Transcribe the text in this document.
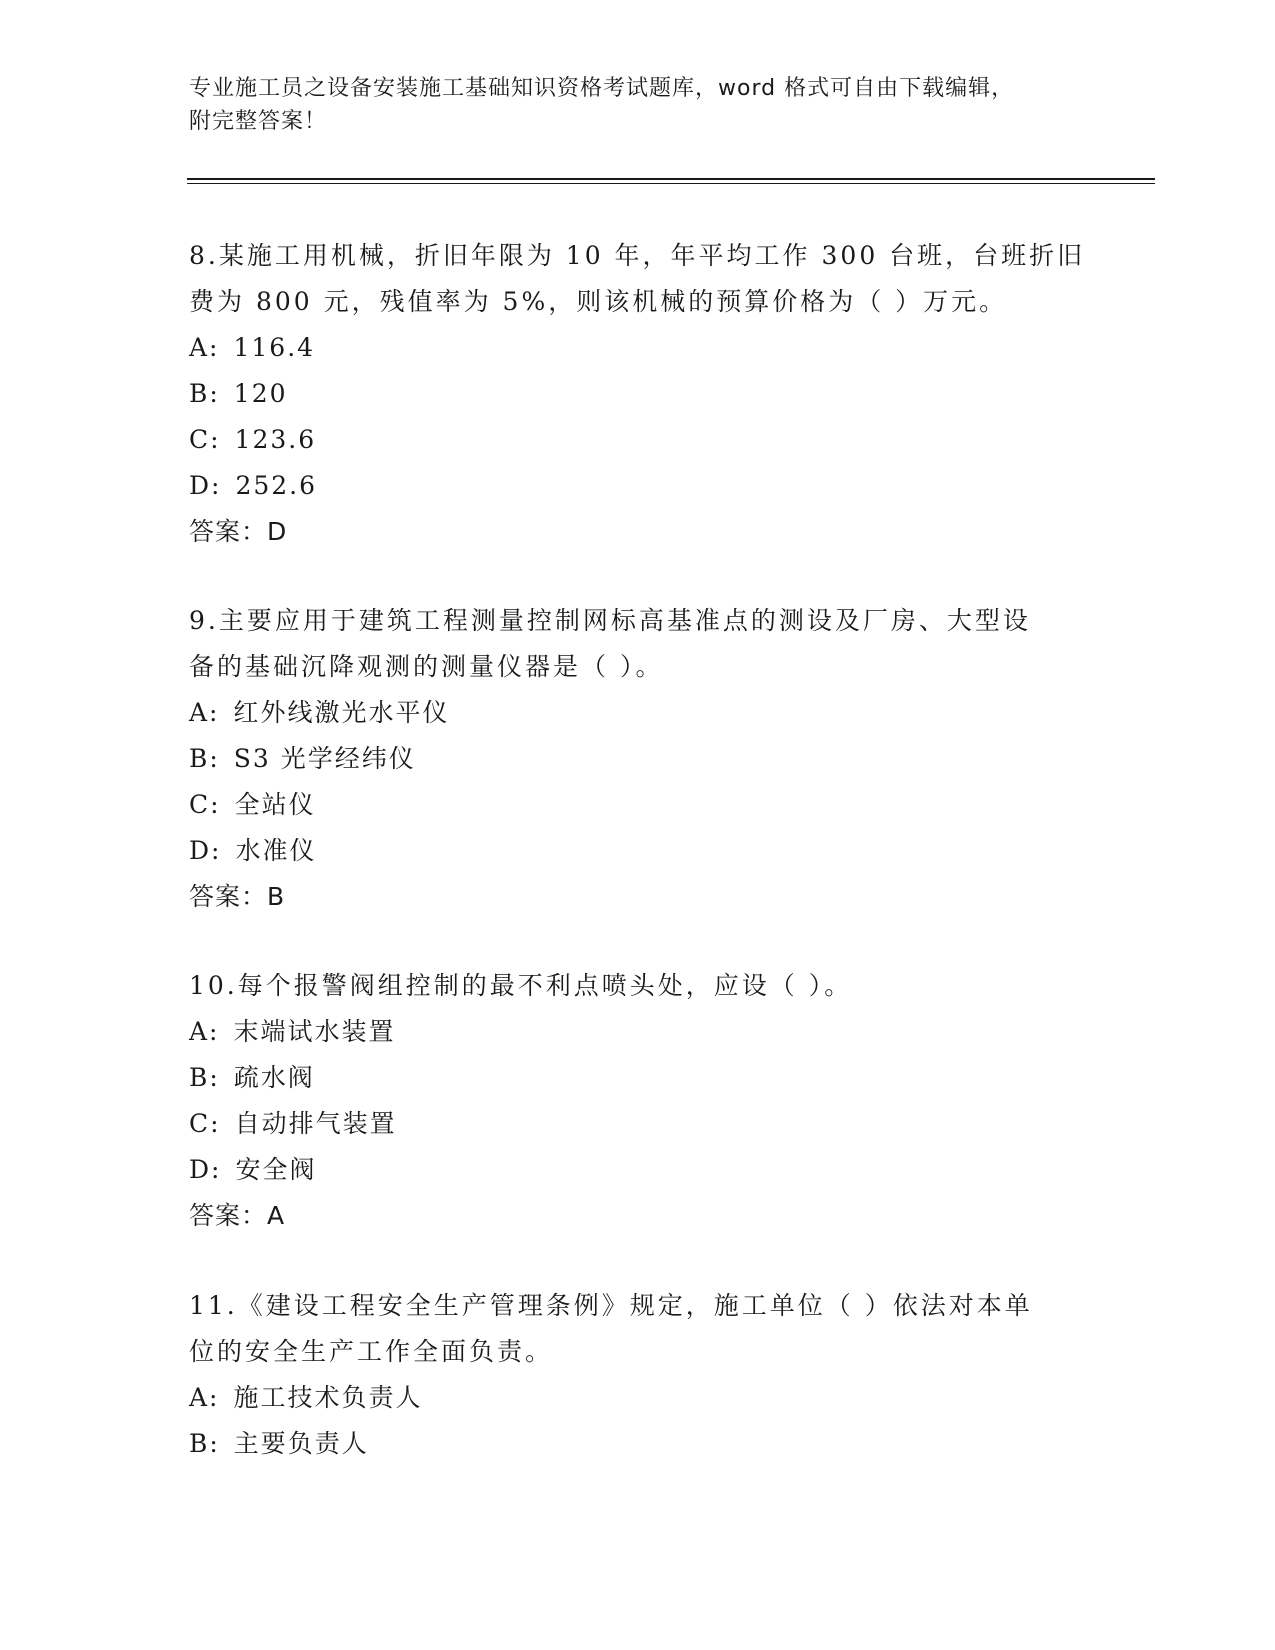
专业施工员之设备安装施工基础知识资格考试题库，word 格式可自由下载编辑，
附完整答案！
8.某施工用机械，折旧年限为 10 年，年平均工作 300 台班，台班折旧
费为 800 元，残值率为 5%，则该机械的预算价格为（ ）万元。
A: 116.4
B: 120
C: 123.6
D: 252.6
答案：D
9.主要应用于建筑工程测量控制网标高基准点的测设及厂房、大型设
备的基础沉降观测的测量仪器是（ ）。
A: 红外线激光水平仪
B: S3 光学经纬仪
C: 全站仪
D: 水准仪
答案：B
10.每个报警阀组控制的最不利点喷头处，应设（ ）。
A: 末端试水装置
B: 疏水阀
C: 自动排气装置
D: 安全阀
答案：A
11.《建设工程安全生产管理条例》规定，施工单位（ ）依法对本单
位的安全生产工作全面负责。
A: 施工技术负责人
B: 主要负责人
